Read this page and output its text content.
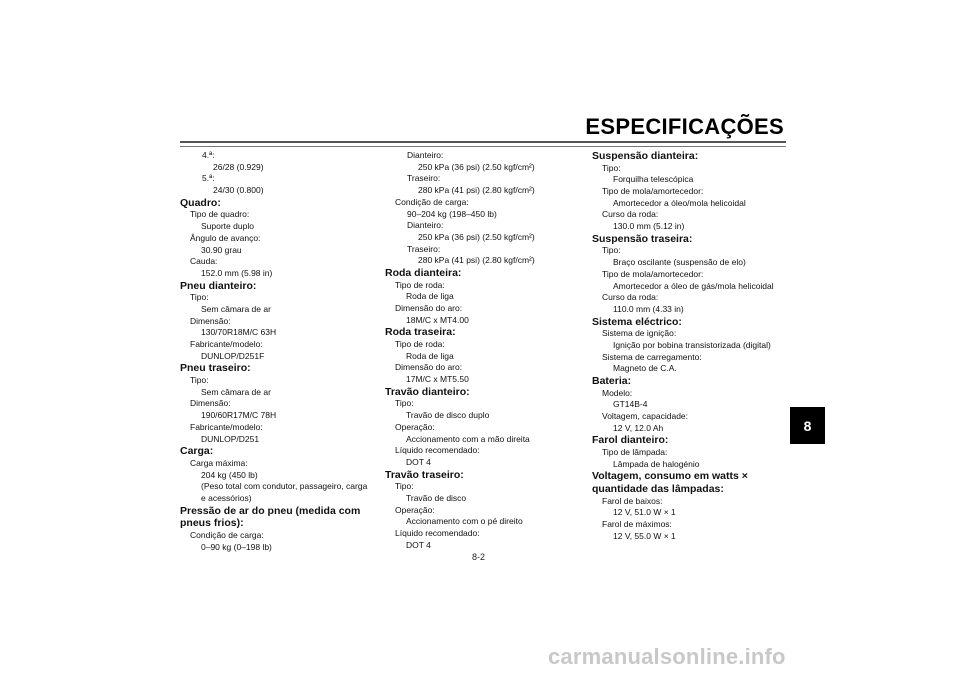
ESPECIFICAÇÕES
8
4.ª:
26/28 (0.929)
5.ª:
24/30 (0.800)
Quadro:
Tipo de quadro:
Suporte duplo
Ângulo de avanço:
30.90 grau
Cauda:
152.0 mm (5.98 in)
Pneu dianteiro:
Tipo:
Sem câmara de ar
Dimensão:
130/70R18M/C 63H
Fabricante/modelo:
DUNLOP/D251F
Pneu traseiro:
Tipo:
Sem câmara de ar
Dimensão:
190/60R17M/C 78H
Fabricante/modelo:
DUNLOP/D251
Carga:
Carga máxima:
204 kg (450 lb)
(Peso total com condutor, passageiro, carga e acessórios)
Pressão de ar do pneu (medida com pneus frios):
Condição de carga:
0–90 kg (0–198 lb)
Dianteiro:
250 kPa (36 psi) (2.50 kgf/cm²)
Traseiro:
280 kPa (41 psi) (2.80 kgf/cm²)
Condição de carga:
90–204 kg (198–450 lb)
Dianteiro:
250 kPa (36 psi) (2.50 kgf/cm²)
Traseiro:
280 kPa (41 psi) (2.80 kgf/cm²)
Roda dianteira:
Tipo de roda:
Roda de liga
Dimensão do aro:
18M/C x MT4.00
Roda traseira:
Tipo de roda:
Roda de liga
Dimensão do aro:
17M/C x MT5.50
Travão dianteiro:
Tipo:
Travão de disco duplo
Operação:
Accionamento com a mão direita
Líquido recomendado:
DOT 4
Travão traseiro:
Tipo:
Travão de disco
Operação:
Accionamento com o pé direito
Líquido recomendado:
DOT 4
Suspensão dianteira:
Tipo:
Forquilha telescópica
Tipo de mola/amortecedor:
Amortecedor a óleo/mola helicoidal
Curso da roda:
130.0 mm (5.12 in)
Suspensão traseira:
Tipo:
Braço oscilante (suspensão de elo)
Tipo de mola/amortecedor:
Amortecedor a óleo de gás/mola helicoidal
Curso da roda:
110.0 mm (4.33 in)
Sistema eléctrico:
Sistema de ignição:
Ignição por bobina transistorizada (digital)
Sistema de carregamento:
Magneto de C.A.
Bateria:
Modelo:
GT14B-4
Voltagem, capacidade:
12 V, 12.0 Ah
Farol dianteiro:
Tipo de lâmpada:
Lâmpada de halogénio
Voltagem, consumo em watts × quantidade das lâmpadas:
Farol de baixos:
12 V, 51.0 W × 1
Farol de máximos:
12 V, 55.0 W × 1
8-2
carmanualsonline.info
